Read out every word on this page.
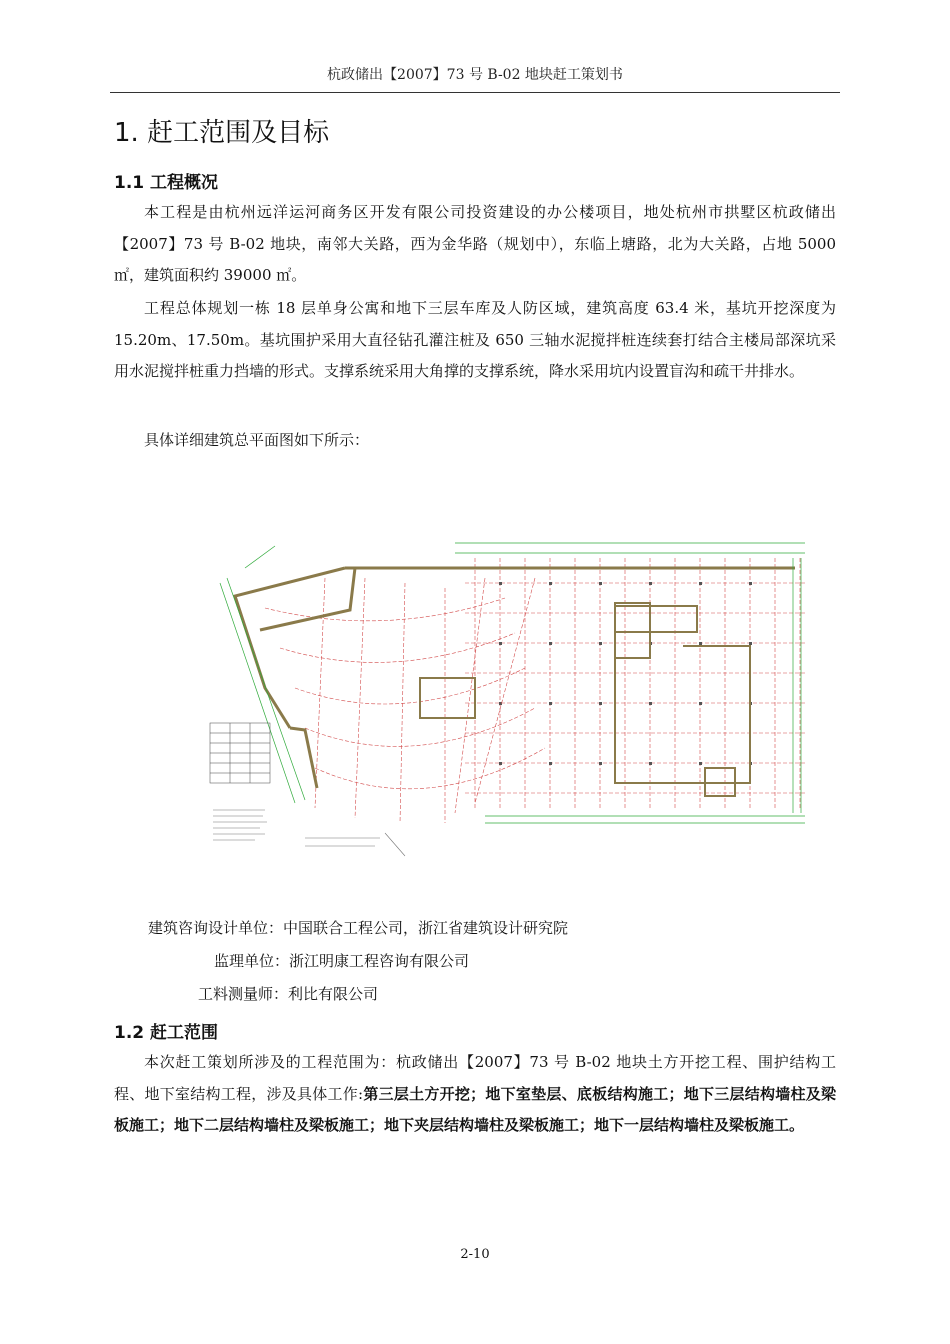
杭政储出【2007】73 号 B-02 地块赶工策划书
1. 赶工范围及目标
1.1 工程概况
本工程是由杭州远洋运河商务区开发有限公司投资建设的办公楼项目，地处杭州市拱墅区杭政储出【2007】73 号 B-02 地块，南邻大关路，西为金华路（规划中），东临上塘路，北为大关路，占地 5000 ㎡，建筑面积约 39000 ㎡。
工程总体规划一栋 18 层单身公寓和地下三层车库及人防区域，建筑高度 63.4 米，基坑开挖深度为 15.20m、17.50m。基坑围护采用大直径钻孔灌注桩及 650 三轴水泥搅拌桩连续套打结合主楼局部深坑采用水泥搅拌桩重力挡墙的形式。支撑系统采用大角撑的支撑系统，降水采用坑内设置盲沟和疏干井排水。
具体详细建筑总平面图如下所示：
建筑咨询设计单位：中国联合工程公司，浙江省建筑设计研究院
监理单位：浙江明康工程咨询有限公司
工料测量师：利比有限公司
1.2 赶工范围
本次赶工策划所涉及的工程范围为：杭政储出【2007】73 号 B-02 地块土方开挖工程、围护结构工程、地下室结构工程，涉及具体工作:第三层土方开挖；地下室垫层、底板结构施工；地下三层结构墙柱及梁板施工；地下二层结构墙柱及梁板施工；地下夹层结构墙柱及梁板施工；地下一层结构墙柱及梁板施工。
2-10
